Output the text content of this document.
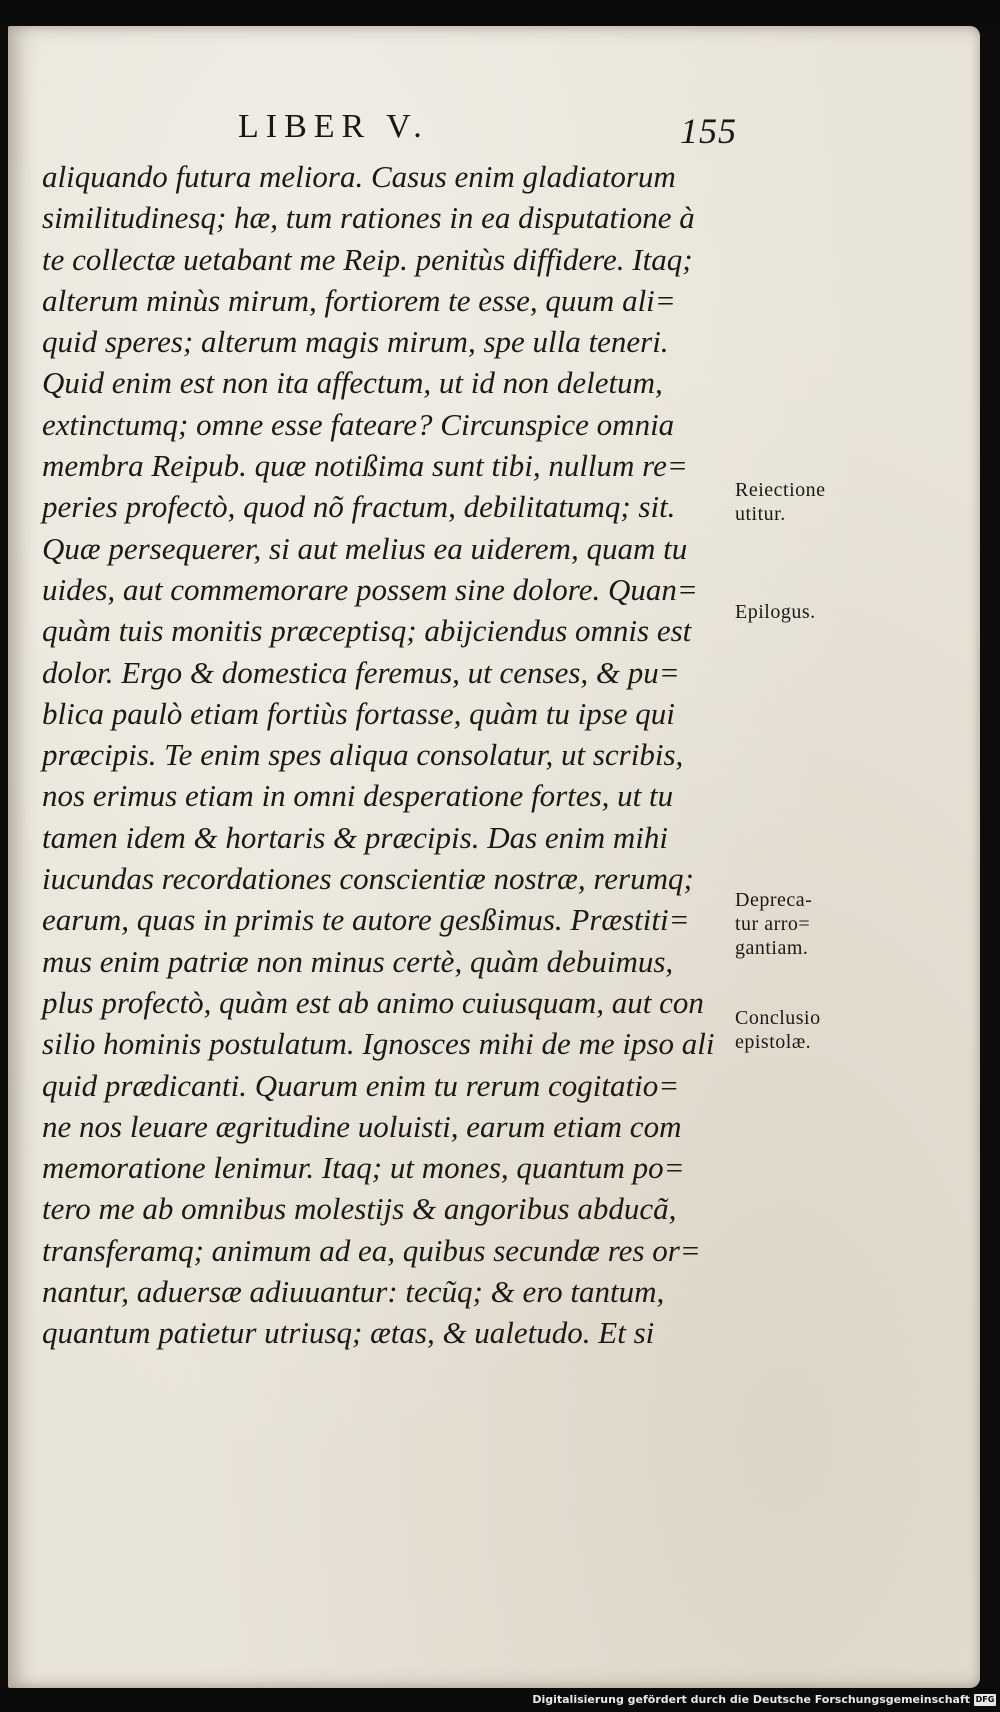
LIBER V.	155
aliquando futura meliora. Casus enim gladiatorum
similitudinesq; hæ, tum rationes in ea disputatione à
te collectæ uetabant me Reip. penitùs diffidere. Itaq;
alterum minùs mirum, fortiorem te esse, quum ali=
quid speres; alterum magis mirum, spe ulla teneri.
Quid enim est non ita affectum, ut id non deletum,
extinctumq; omne esse fateare? Circunspice omnia
membra Reipub. quæ notißima sunt tibi, nullum re=
peries profectò, quod nõ fractum, debilitatumq; sit.
Quæ persequerer, si aut melius ea uiderem, quam tu
uides, aut commemorare possem sine dolore. Quan=
quàm tuis monitis præceptisq; abijciendus omnis est
dolor. Ergo & domestica feremus, ut censes, & pu=
blica paulò etiam fortiùs fortasse, quàm tu ipse qui
præcipis. Te enim spes aliqua consolatur, ut scribis,
nos erimus etiam in omni desperatione fortes, ut tu
tamen idem & hortaris & præcipis. Das enim mihi
iucundas recordationes conscientiæ nostræ, rerumq;
earum, quas in primis te autore gesßimus. Præstiti=
mus enim patriæ non minus certè, quàm debuimus,
plus profectò, quàm est ab animo cuiusquam, aut con
silio hominis postulatum. Ignosces mihi de me ipso ali
quid prædicanti. Quarum enim tu rerum cogitatio=
ne nos leuare ægritudine uoluisti, earum etiam com
memoratione lenimur. Itaq; ut mones, quantum po=
tero me ab omnibus molestijs & angoribus abducã,
transferamq; animum ad ea, quibus secundæ res or=
nantur, aduersæ adiuuantur: tecũq; & ero tantum,
quantum patietur utriusq; ætas, & ualetudo. Et si
Reiectione
utitur.
Epilogus.
Depreca-
tur arro=
gantiam.
Conclusio
epistolæ.
Digitalisierung gefördert durch die Deutsche Forschungsgemeinschaft DFG
